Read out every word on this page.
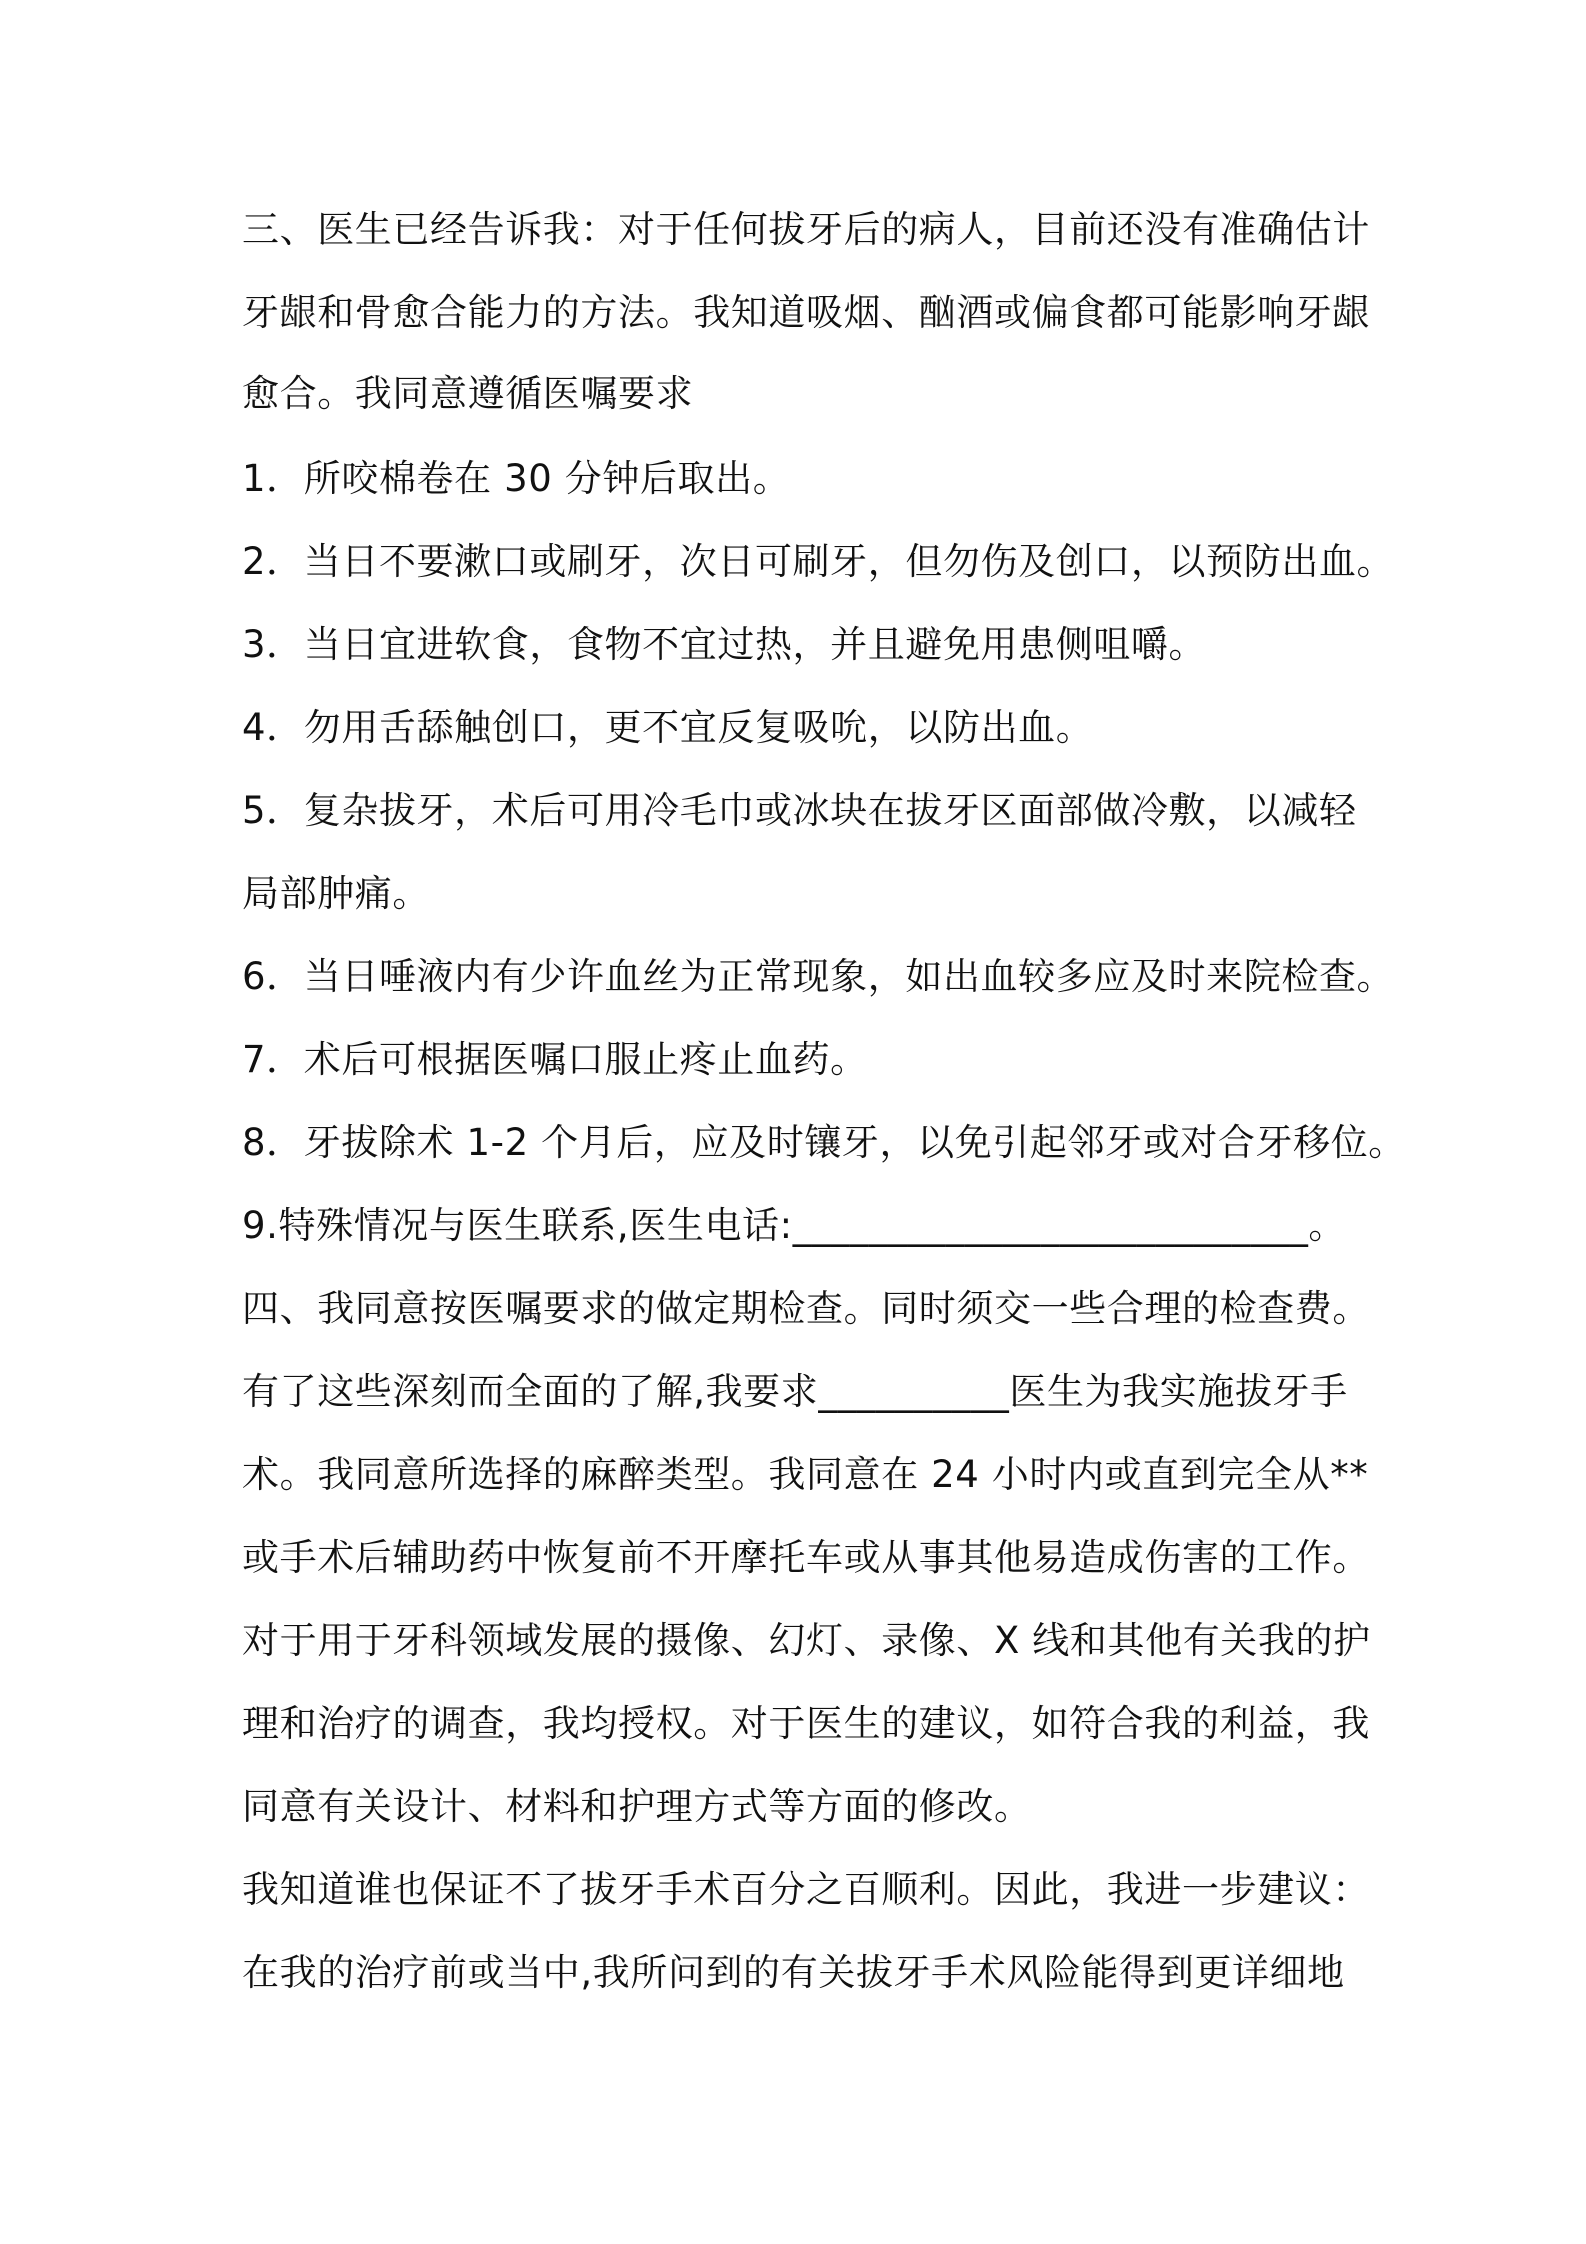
三、医生已经告诉我：对于任何拔牙后的病人，目前还没有准确估计
牙龈和骨愈合能力的方法。我知道吸烟、酗酒或偏食都可能影响牙龈
愈合。我同意遵循医嘱要求
1．所咬棉卷在 30 分钟后取出。
2．当日不要漱口或刷牙，次日可刷牙，但勿伤及创口，以预防出血。
3．当日宜进软食，食物不宜过热，并且避免用患侧咀嚼。
4．勿用舌舔触创口，更不宜反复吸吮，以防出血。
5．复杂拔牙，术后可用冷毛巾或冰块在拔牙区面部做冷敷，以减轻
局部肿痛。
6．当日唾液内有少许血丝为正常现象，如出血较多应及时来院检查。
7．术后可根据医嘱口服止疼止血药。
8．牙拔除术 1-2 个月后，应及时镶牙，以免引起邻牙或对合牙移位。
9.特殊情况与医生联系,医生电话:___________________________。
四、我同意按医嘱要求的做定期检查。同时须交一些合理的检查费。
有了这些深刻而全面的了解,我要求__________医生为我实施拔牙手
术。我同意所选择的麻醉类型。我同意在 24 小时内或直到完全从**
或手术后辅助药中恢复前不开摩托车或从事其他易造成伤害的工作。
对于用于牙科领域发展的摄像、幻灯、录像、X 线和其他有关我的护
理和治疗的调查，我均授权。对于医生的建议，如符合我的利益，我
同意有关设计、材料和护理方式等方面的修改。
我知道谁也保证不了拔牙手术百分之百顺利。因此，我进一步建议：
在我的治疗前或当中,我所问到的有关拔牙手术风险能得到更详细地
